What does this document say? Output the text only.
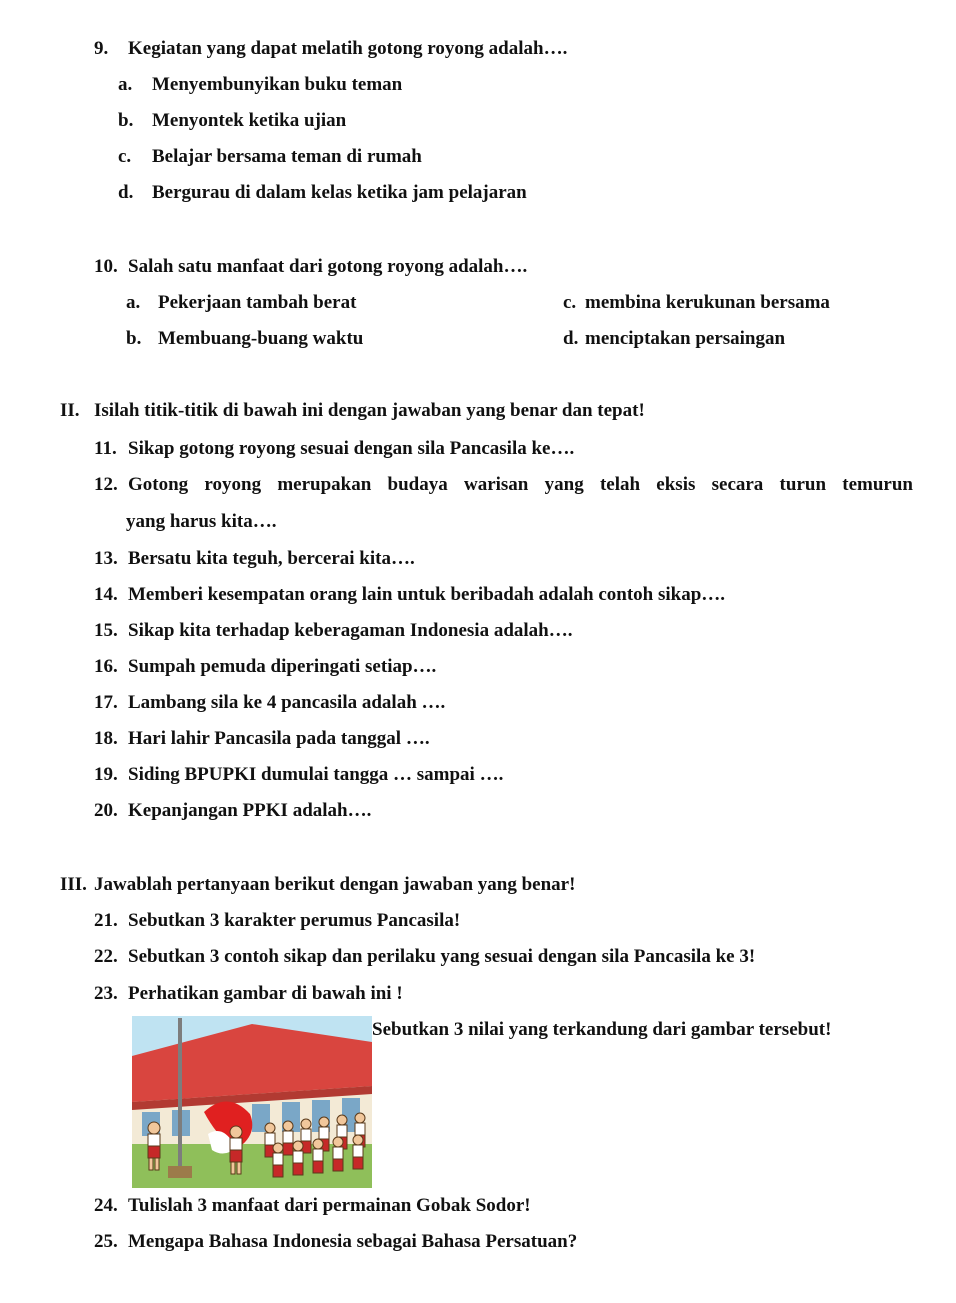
9. Kegiatan yang dapat melatih gotong royong adalah….
a. Menyembunyikan buku teman
b. Menyontek ketika ujian
c. Belajar bersama teman di rumah
d. Bergurau di dalam kelas ketika jam pelajaran
10. Salah satu manfaat dari gotong royong adalah….
a. Pekerjaan tambah berat
b. Membuang-buang waktu
c. membina kerukunan bersama
d. menciptakan persaingan
II. Isilah titik-titik di bawah ini dengan jawaban yang benar dan tepat!
11. Sikap gotong royong sesuai dengan sila Pancasila ke….
12. Gotong royong merupakan budaya warisan yang telah eksis secara turun temurun
yang harus kita….
13. Bersatu kita teguh, bercerai kita….
14. Memberi kesempatan orang lain untuk beribadah adalah contoh sikap….
15. Sikap kita terhadap keberagaman Indonesia adalah….
16. Sumpah pemuda diperingati setiap….
17. Lambang sila ke 4 pancasila adalah ….
18. Hari lahir Pancasila pada tanggal ….
19. Siding BPUPKI dumulai tangga … sampai ….
20. Kepanjangan PPKI adalah….
III. Jawablah pertanyaan berikut dengan jawaban yang benar!
21. Sebutkan 3 karakter perumus Pancasila!
22. Sebutkan 3 contoh sikap dan perilaku yang sesuai dengan sila Pancasila ke 3!
23. Perhatikan gambar di bawah ini !
Sebutkan 3 nilai yang terkandung dari gambar tersebut!
24. Tulislah 3 manfaat dari permainan Gobak Sodor!
25. Mengapa Bahasa Indonesia sebagai Bahasa Persatuan?
